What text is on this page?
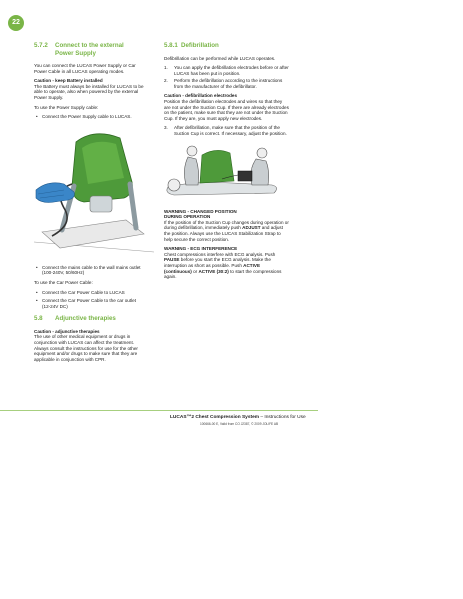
22
5.7.2	Connect to the external Power Supply

You can connect the LUCAS Power Supply or Car Power Cable in all LUCAS operating modes.

Caution - keep Battery installed
The Battery must always be installed for LUCAS to be able to operate, also when powered by the external Power Supply.

To use the Power Supply cable:

• Connect the Power Supply cable to LUCAS.
• Connect the mains cable to the wall mains outlet (100-240V, 50/60Hz)

To use the Car Power Cable:

• Connect the Car Power Cable to LUCAS
• Connect the Car Power Cable to the car outlet (12-24V DC)
5.8	Adjunctive therapies

Caution - adjunctive therapies
The use of other medical equipment or drugs in conjunction with LUCAS can affect the treatment. Always consult the instructions for use for the other equipment and/or drugs to make sure that they are applicable in conjunction with CPR.

5.8.1 Defibrillation

Defibrillation can be performed while LUCAS operates.

1. You can apply the defibrillation electrodes before or after LUCAS has been put in position.
2. Perform the defibrillation according to the instructions from the manufacturer of the defibrillator.

Caution - defibrillation electrodes
Position the defibrillation electrodes and wires so that they are not under the Suction Cup. If there are already electrodes on the patient, make sure that they are not under the Suction Cup. If they are, you must apply new electrodes.

3. After defibrillation, make sure that the position of the Suction Cup is correct. If necessary, adjust the position.

WARNING - CHANGED POSITION
DURING OPERATION
If the position of the Suction Cup changes during operation or during defibrillation, immediately push ADJUST and adjust the position. Always use the LUCAS Stabilization Strap to help secure the correct position.

WARNING - ECG INTERFERENCE
Chest compressions interfere with ECG analysis. Push PAUSE before you start the ECG analysis. Make the interruption as short as possible. Push ACTIVE (continuous) or ACTIVE (30:2) to start the compressions again.

LUCAS™2 Chest Compression System – Instructions for Use
100666-00 E, Valid from CO J2387, © 2009 JOLIFE AB
